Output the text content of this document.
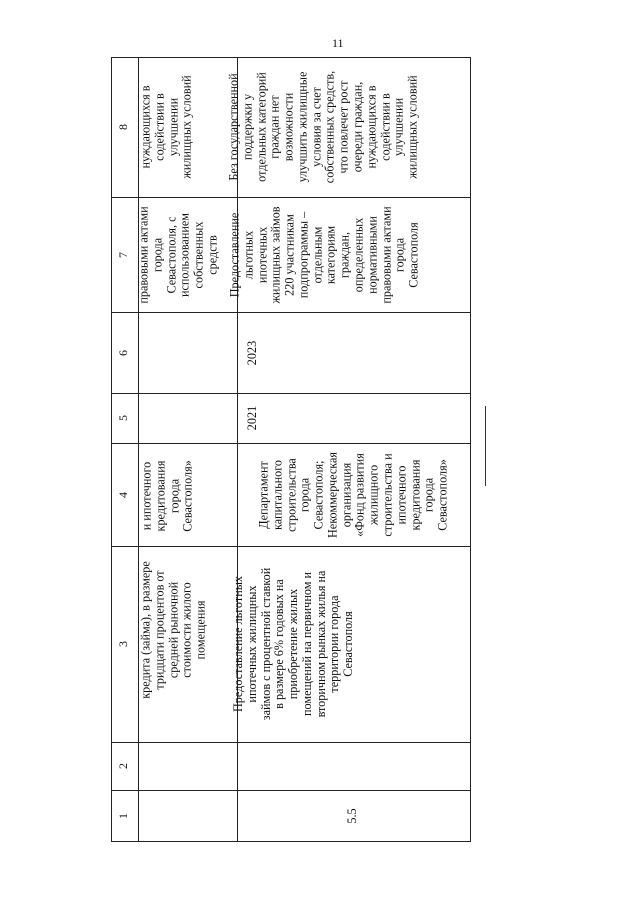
11
1
2
3
4
5
6
7
8
кредита (займа), в размере
тридцати процентов от
средней рыночной
стоимости жилого
помещения
и ипотечного
кредитования
города
Севастополя»
правовыми актами
города
Севастополя, с
использованием
собственных
средств
нуждающихся в
содействии в
улучшении
жилищных условий
5.5
Предоставление льготных
ипотечных жилищных
займов с процентной ставкой
в размере 6% годовых на
приобретение жилых
помещений на первичном и
вторичном рынках жилья на
территории города
Севастополя
Департамент
капитального
строительства
города
Севастополя;
Некоммерческая
организация
«Фонд развития
жилищного
строительства и
ипотечного
кредитования
города
Севастополя»
2021
2023
Предоставление
льготных
ипотечных
жилищных займов
220 участникам
подпрограммы –
отдельным
категориям
граждан,
определенных
нормативными
правовыми актами
города
Севастополя
Без государственной
поддержки у
отдельных категорий
граждан нет
возможности
улучшить жилищные
условия за счет
собственных средств,
что повлечет рост
очереди граждан,
нуждающихся в
содействии в
улучшении
жилищных условий
